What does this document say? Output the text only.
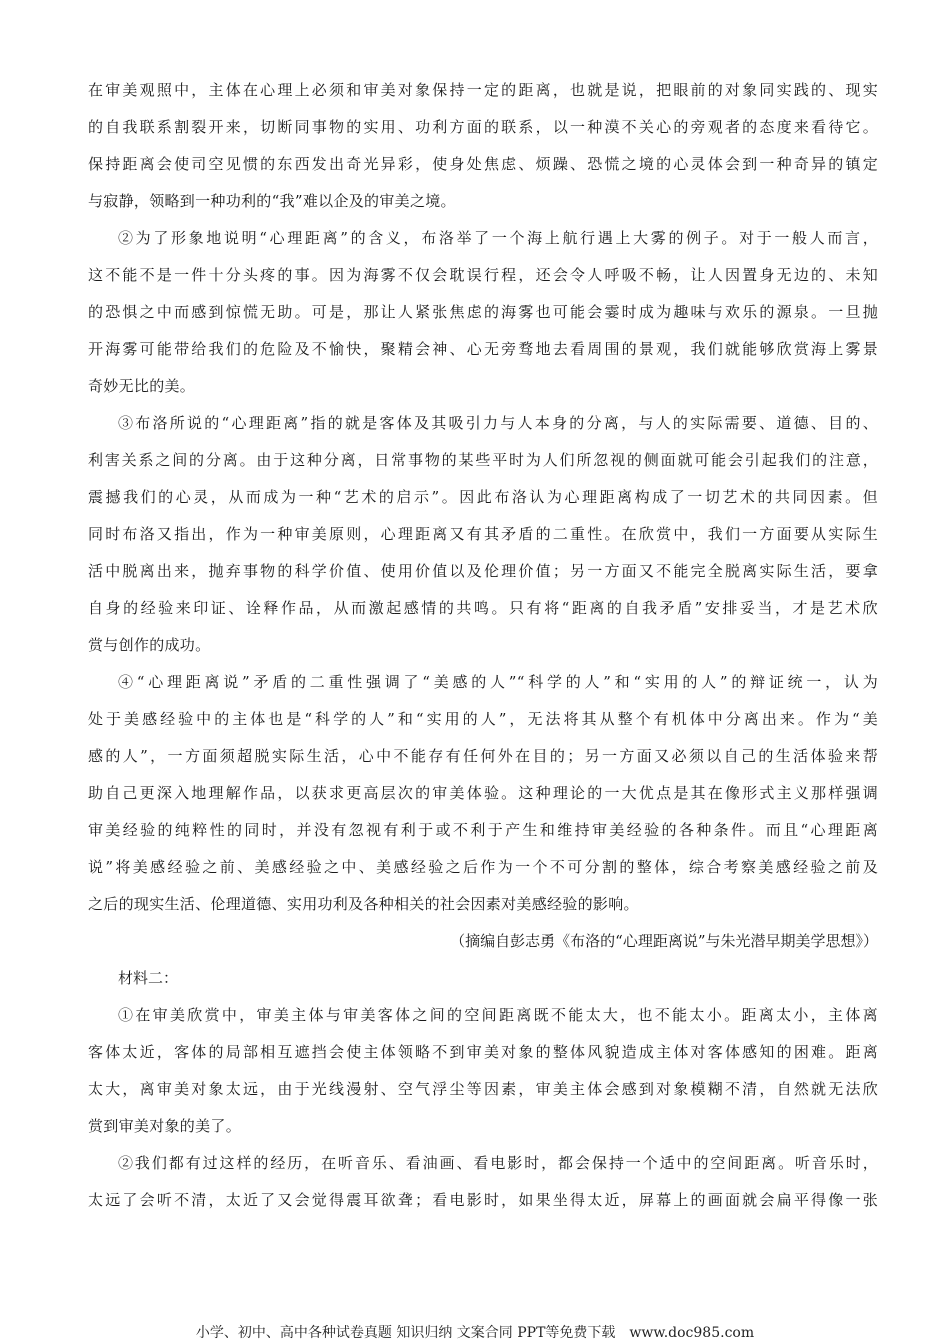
在审美观照中，主体在心理上必须和审美对象保持一定的距离，也就是说，把眼前的对象同实践的、现实
的自我联系割裂开来，切断同事物的实用、功利方面的联系，以一种漠不关心的旁观者的态度来看待它。
保持距离会使司空见惯的东西发出奇光异彩，使身处焦虑、烦躁、恐慌之境的心灵体会到一种奇异的镇定
与寂静，领略到一种功利的“我”难以企及的审美之境。
②为了形象地说明“心理距离”的含义，布洛举了一个海上航行遇上大雾的例子。对于一般人而言，
这不能不是一件十分头疼的事。因为海雾不仅会耽误行程，还会令人呼吸不畅，让人因置身无边的、未知
的恐惧之中而感到惊慌无助。可是，那让人紧张焦虑的海雾也可能会霎时成为趣味与欢乐的源泉。一旦抛
开海雾可能带给我们的危险及不愉快，聚精会神、心无旁骛地去看周围的景观，我们就能够欣赏海上雾景
奇妙无比的美。
③布洛所说的“心理距离”指的就是客体及其吸引力与人本身的分离，与人的实际需要、道德、目的、
利害关系之间的分离。由于这种分离，日常事物的某些平时为人们所忽视的侧面就可能会引起我们的注意，
震撼我们的心灵，从而成为一种“艺术的启示”。因此布洛认为心理距离构成了一切艺术的共同因素。但
同时布洛又指出，作为一种审美原则，心理距离又有其矛盾的二重性。在欣赏中，我们一方面要从实际生
活中脱离出来，抛弃事物的科学价值、使用价值以及伦理价值；另一方面又不能完全脱离实际生活，要拿
自身的经验来印证、诠释作品，从而激起感情的共鸣。只有将“距离的自我矛盾”安排妥当，才是艺术欣
赏与创作的成功。
④“心理距离说”矛盾的二重性强调了“美感的人”“科学的人”和“实用的人”的辩证统一，认为
处于美感经验中的主体也是“科学的人”和“实用的人”，无法将其从整个有机体中分离出来。作为“美
感的人”，一方面须超脱实际生活，心中不能存有任何外在目的；另一方面又必须以自己的生活体验来帮
助自己更深入地理解作品，以获求更高层次的审美体验。这种理论的一大优点是其在像形式主义那样强调
审美经验的纯粹性的同时，并没有忽视有利于或不利于产生和维持审美经验的各种条件。而且“心理距离
说”将美感经验之前、美感经验之中、美感经验之后作为一个不可分割的整体，综合考察美感经验之前及
之后的现实生活、伦理道德、实用功利及各种相关的社会因素对美感经验的影响。
（摘编自彭志勇《布洛的“心理距离说”与朱光潜早期美学思想》）
材料二：
①在审美欣赏中，审美主体与审美客体之间的空间距离既不能太大，也不能太小。距离太小，主体离
客体太近，客体的局部相互遮挡会使主体领略不到审美对象的整体风貌造成主体对客体感知的困难。距离
太大，离审美对象太远，由于光线漫射、空气浮尘等因素，审美主体会感到对象模糊不清，自然就无法欣
赏到审美对象的美了。
②我们都有过这样的经历，在听音乐、看油画、看电影时，都会保持一个适中的空间距离。听音乐时，
太远了会听不清，太近了又会觉得震耳欲聋；看电影时，如果坐得太近，屏幕上的画面就会扁平得像一张
小学、初中、高中各种试卷真题 知识归纳 文案合同 PPT等免费下载 www.doc985.com
